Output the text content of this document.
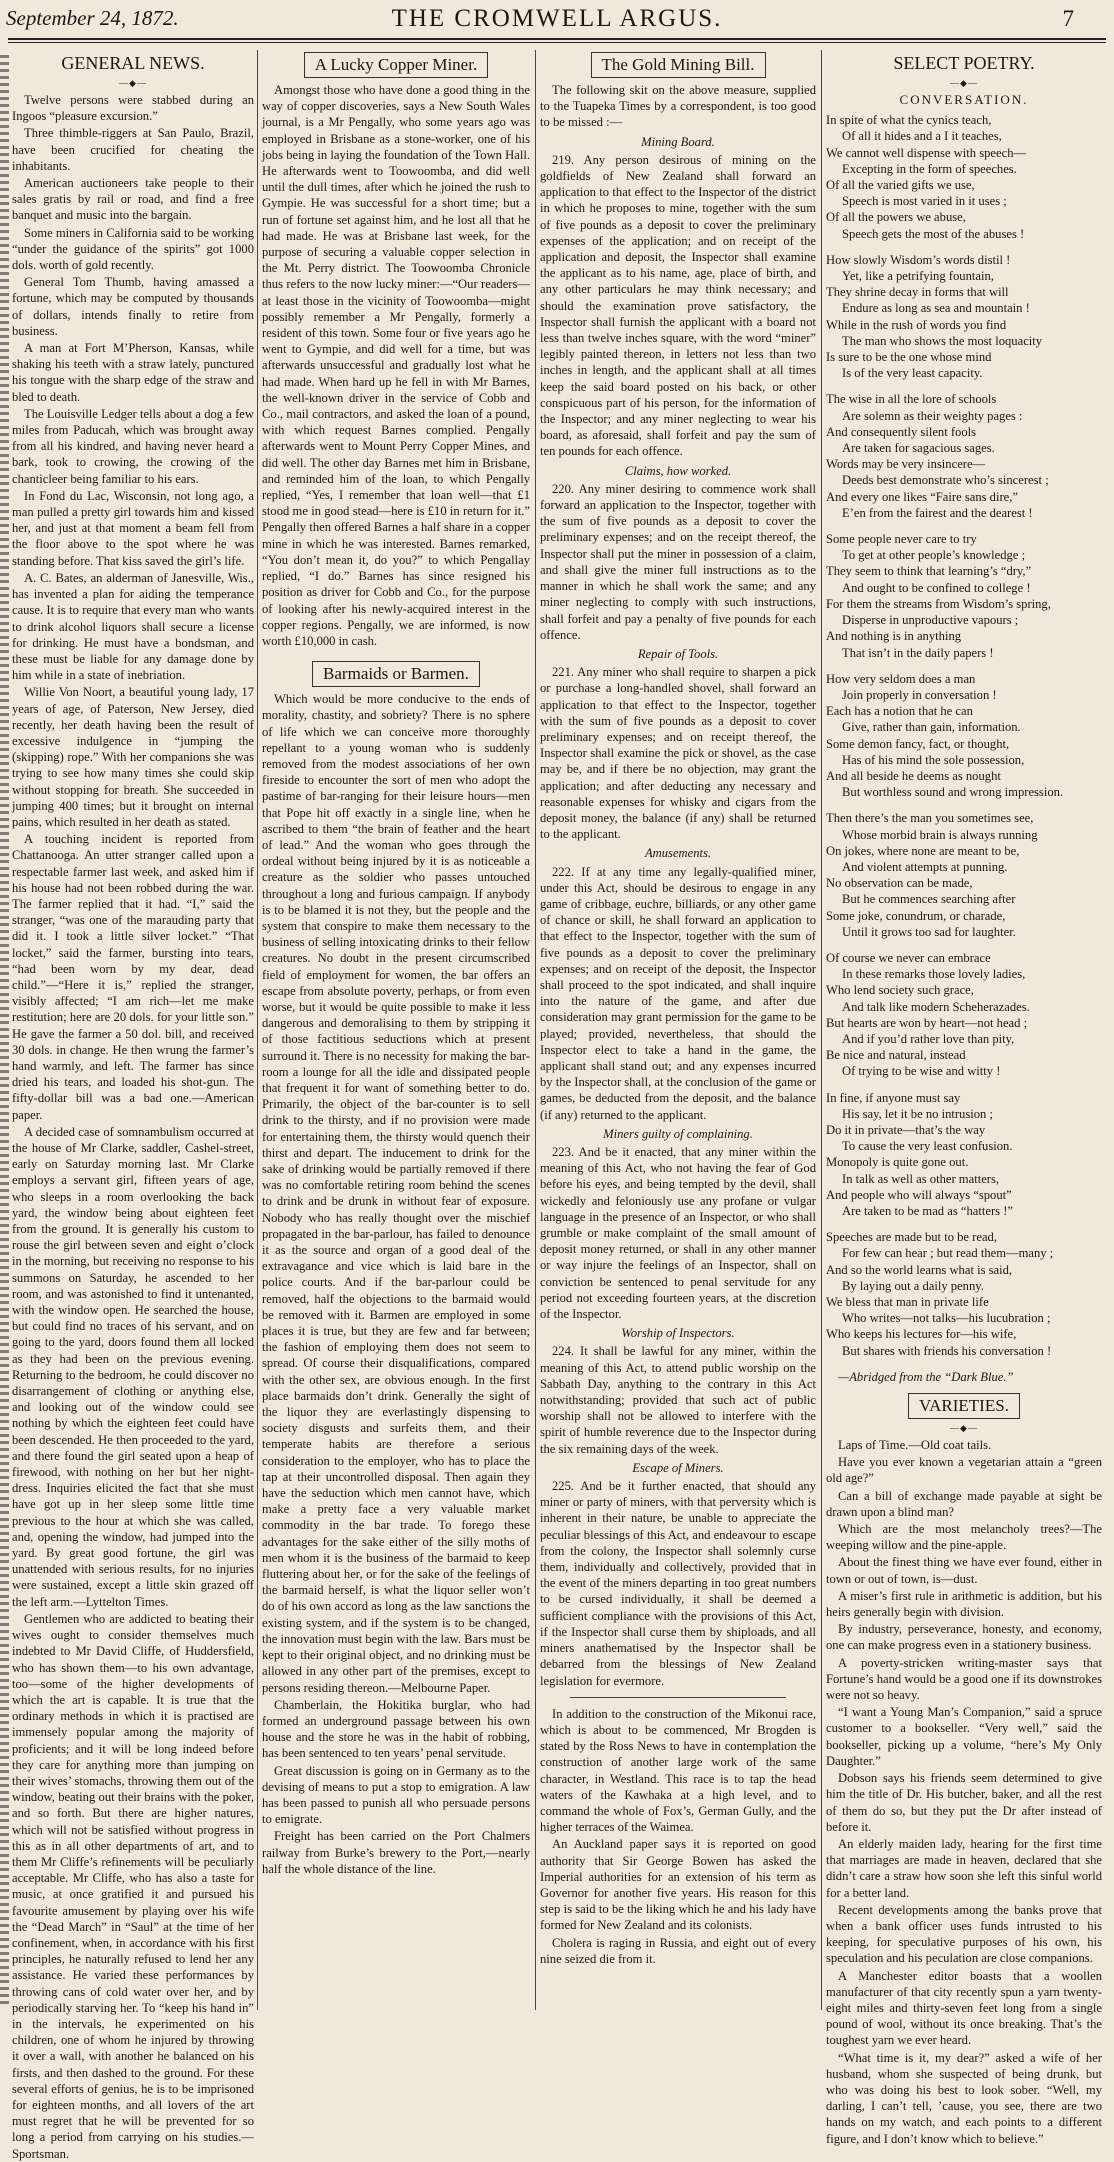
September 24, 1872.	THE CROMWELL ARGUS.	7
GENERAL NEWS.
—◆—

Twelve persons were stabbed during an Ingoos “pleasure excursion.”

Three thimble-riggers at San Paulo, Brazil, have been crucified for cheating the inhabitants.

American auctioneers take people to their sales gratis by rail or road, and find a free banquet and music into the bargain.

Some miners in California said to be working “under the guidance of the spirits” got 1000 dols. worth of gold recently.

General Tom Thumb, having amassed a fortune, which may be computed by thousands of dollars, intends finally to retire from business.

A man at Fort M’Pherson, Kansas, while shaking his teeth with a straw lately, punctured his tongue with the sharp edge of the straw and bled to death.

The Louisville Ledger tells about a dog a few miles from Paducah, which was brought away from all his kindred, and having never heard a bark, took to crowing, the crowing of the chanticleer being familiar to his ears.

In Fond du Lac, Wisconsin, not long ago, a man pulled a pretty girl towards him and kissed her, and just at that moment a beam fell from the floor above to the spot where he was standing before. That kiss saved the girl’s life.

A. C. Bates, an alderman of Janesville, Wis., has invented a plan for aiding the temperance cause. It is to require that every man who wants to drink alcohol liquors shall secure a license for drinking. He must have a bondsman, and these must be liable for any damage done by him while in a state of inebriation.

Willie Von Noort, a beautiful young lady, 17 years of age, of Paterson, New Jersey, died recently, her death having been the result of excessive indulgence in “jumping the (skipping) rope.” With her companions she was trying to see how many times she could skip without stopping for breath. She succeeded in jumping 400 times; but it brought on internal pains, which resulted in her death as stated.

A touching incident is reported from Chattanooga. An utter stranger called upon a respectable farmer last week, and asked him if his house had not been robbed during the war. The farmer replied that it had. “I,” said the stranger, “was one of the marauding party that did it. I took a little silver locket.” “That locket,” said the farmer, bursting into tears, “had been worn by my dear, dead child.”—“Here it is,” replied the stranger, visibly affected; “I am rich—let me make restitution; here are 20 dols. for your little son.” He gave the farmer a 50 dol. bill, and received 30 dols. in change. He then wrung the farmer’s hand warmly, and left. The farmer has since dried his tears, and loaded his shot-gun. The fifty-dollar bill was a bad one.—American paper.

A decided case of somnambulism occurred at the house of Mr Clarke, saddler, Cashel-street, early on Saturday morning last. Mr Clarke employs a servant girl, fifteen years of age, who sleeps in a room overlooking the back yard, the window being about eighteen feet from the ground. It is generally his custom to rouse the girl between seven and eight o’clock in the morning, but receiving no response to his summons on Saturday, he ascended to her room, and was astonished to find it untenanted, with the window open. He searched the house, but could find no traces of his servant, and on going to the yard, doors found them all locked as they had been on the previous evening. Returning to the bedroom, he could discover no disarrangement of clothing or anything else, and looking out of the window could see nothing by which the eighteen feet could have been descended. He then proceeded to the yard, and there found the girl seated upon a heap of firewood, with nothing on her but her night-dress. Inquiries elicited the fact that she must have got up in her sleep some little time previous to the hour at which she was called, and, opening the window, had jumped into the yard. By great good fortune, the girl was unattended with serious results, for no injuries were sustained, except a little skin grazed off the left arm.—Lyttelton Times.

Gentlemen who are addicted to beating their wives ought to consider themselves much indebted to Mr David Cliffe, of Huddersfield, who has shown them—to his own advantage, too—some of the higher developments of which the art is capable. It is true that the ordinary methods in which it is practised are immensely popular among the majority of proficients; and it will be long indeed before they care for anything more than jumping on their wives’ stomachs, throwing them out of the window, beating out their brains with the poker, and so forth. But there are higher natures, which will not be satisfied without progress in this as in all other departments of art, and to them Mr Cliffe’s refinements will be peculiarly acceptable. Mr Cliffe, who has also a taste for music, at once gratified it and pursued his favourite amusement by playing over his wife the “Dead March” in “Saul” at the time of her confinement, when, in accordance with his first principles, he naturally refused to lend her any assistance. He varied these performances by throwing cans of cold water over her, and by periodically starving her. To “keep his hand in” in the intervals, he experimented on his children, one of whom he injured by throwing it over a wall, with another he balanced on his firsts, and then dashed to the ground. For these several efforts of genius, he is to be imprisoned for eighteen months, and all lovers of the art must regret that he will be prevented for so long a period from carrying on his studies.—Sportsman.

A Lucky Copper Miner.

Amongst those who have done a good thing in the way of copper discoveries, says a New South Wales journal, is a Mr Pengally, who some years ago was employed in Brisbane as a stone-worker, one of his jobs being in laying the foundation of the Town Hall. He afterwards went to Toowoomba, and did well until the dull times, after which he joined the rush to Gympie. He was successful for a short time; but a run of fortune set against him, and he lost all that he had made. He was at Brisbane last week, for the purpose of securing a valuable copper selection in the Mt. Perry district. The Toowoomba Chronicle thus refers to the now lucky miner:—“Our readers—at least those in the vicinity of Toowoomba—might possibly remember a Mr Pengally, formerly a resident of this town. Some four or five years ago he went to Gympie, and did well for a time, but was afterwards unsuccessful and gradually lost what he had made. When hard up he fell in with Mr Barnes, the well-known driver in the service of Cobb and Co., mail contractors, and asked the loan of a pound, with which request Barnes complied. Pengally afterwards went to Mount Perry Copper Mines, and did well. The other day Barnes met him in Brisbane, and reminded him of the loan, to which Pengally replied, “Yes, I remember that loan well—that £1 stood me in good stead—here is £10 in return for it.” Pengally then offered Barnes a half share in a copper mine in which he was interested. Barnes remarked, “You don’t mean it, do you?” to which Pengallay replied, “I do.” Barnes has since resigned his position as driver for Cobb and Co., for the purpose of looking after his newly-acquired interest in the copper regions. Pengally, we are informed, is now worth £10,000 in cash.

Barmaids or Barmen.

Which would be more conducive to the ends of morality, chastity, and sobriety? There is no sphere of life which we can conceive more thoroughly repellant to a young woman who is suddenly removed from the modest associations of her own fireside to encounter the sort of men who adopt the pastime of bar-ranging for their leisure hours—men that Pope hit off exactly in a single line, when he ascribed to them “the brain of feather and the heart of lead.” And the woman who goes through the ordeal without being injured by it is as noticeable a creature as the soldier who passes untouched throughout a long and furious campaign. If anybody is to be blamed it is not they, but the people and the system that conspire to make them necessary to the business of selling intoxicating drinks to their fellow creatures. No doubt in the present circumscribed field of employment for women, the bar offers an escape from absolute poverty, perhaps, or from even worse, but it would be quite possible to make it less dangerous and demoralising to them by stripping it of those factitious seductions which at present surround it. There is no necessity for making the bar-room a lounge for all the idle and dissipated people that frequent it for want of something better to do. Primarily, the object of the bar-counter is to sell drink to the thirsty, and if no provision were made for entertaining them, the thirsty would quench their thirst and depart. The inducement to drink for the sake of drinking would be partially removed if there was no comfortable retiring room behind the scenes to drink and be drunk in without fear of exposure. Nobody who has really thought over the mischief propagated in the bar-parlour, has failed to denounce it as the source and organ of a good deal of the extravagance and vice which is laid bare in the police courts. And if the bar-parlour could be removed, half the objections to the barmaid would be removed with it. Barmen are employed in some places it is true, but they are few and far between; the fashion of employing them does not seem to spread. Of course their disqualifications, compared with the other sex, are obvious enough. In the first place barmaids don’t drink. Generally the sight of the liquor they are everlastingly dispensing to society disgusts and surfeits them, and their temperate habits are therefore a serious consideration to the employer, who has to place the tap at their uncontrolled disposal. Then again they have the seduction which men cannot have, which make a pretty face a very valuable market commodity in the bar trade. To forego these advantages for the sake either of the silly moths of men whom it is the business of the barmaid to keep fluttering about her, or for the sake of the feelings of the barmaid herself, is what the liquor seller won’t do of his own accord as long as the law sanctions the existing system, and if the system is to be changed, the innovation must begin with the law. Bars must be kept to their original object, and no drinking must be allowed in any other part of the premises, except to persons residing thereon.—Melbourne Paper.

Chamberlain, the Hokitika burglar, who had formed an underground passage between his own house and the store he was in the habit of robbing, has been sentenced to ten years’ penal servitude.

Great discussion is going on in Germany as to the devising of means to put a stop to emigration. A law has been passed to punish all who persuade persons to emigrate.

Freight has been carried on the Port Chalmers railway from Burke’s brewery to the Port,—nearly half the whole distance of the line.

The Gold Mining Bill.

The following skit on the above measure, supplied to the Tuapeka Times by a correspondent, is too good to be missed :—

Mining Board.

219. Any person desirous of mining on the goldfields of New Zealand shall forward an application to that effect to the Inspector of the district in which he proposes to mine, together with the sum of five pounds as a deposit to cover the preliminary expenses of the application; and on receipt of the application and deposit, the Inspector shall examine the applicant as to his name, age, place of birth, and any other particulars he may think necessary; and should the examination prove satisfactory, the Inspector shall furnish the applicant with a board not less than twelve inches square, with the word “miner” legibly painted thereon, in letters not less than two inches in length, and the applicant shall at all times keep the said board posted on his back, or other conspicuous part of his person, for the information of the Inspector; and any miner neglecting to wear his board, as aforesaid, shall forfeit and pay the sum of ten pounds for each offence.

Claims, how worked.

220. Any miner desiring to commence work shall forward an application to the Inspector, together with the sum of five pounds as a deposit to cover the preliminary expenses; and on the receipt thereof, the Inspector shall put the miner in possession of a claim, and shall give the miner full instructions as to the manner in which he shall work the same; and any miner neglecting to comply with such instructions, shall forfeit and pay a penalty of five pounds for each offence.

Repair of Tools.

221. Any miner who shall require to sharpen a pick or purchase a long-handled shovel, shall forward an application to that effect to the Inspector, together with the sum of five pounds as a deposit to cover preliminary expenses; and on receipt thereof, the Inspector shall examine the pick or shovel, as the case may be, and if there be no objection, may grant the application; and after deducting any necessary and reasonable expenses for whisky and cigars from the deposit money, the balance (if any) shall be returned to the applicant.

Amusements.

222. If at any time any legally-qualified miner, under this Act, should be desirous to engage in any game of cribbage, euchre, billiards, or any other game of chance or skill, he shall forward an application to that effect to the Inspector, together with the sum of five pounds as a deposit to cover the preliminary expenses; and on receipt of the deposit, the Inspector shall proceed to the spot indicated, and shall inquire into the nature of the game, and after due consideration may grant permission for the game to be played; provided, nevertheless, that should the Inspector elect to take a hand in the game, the applicant shall stand out; and any expenses incurred by the Inspector shall, at the conclusion of the game or games, be deducted from the deposit, and the balance (if any) returned to the applicant.

Miners guilty of complaining.

223. And be it enacted, that any miner within the meaning of this Act, who not having the fear of God before his eyes, and being tempted by the devil, shall wickedly and feloniously use any profane or vulgar language in the presence of an Inspector, or who shall grumble or make complaint of the small amount of deposit money returned, or shall in any other manner or way injure the feelings of an Inspector, shall on conviction be sentenced to penal servitude for any period not exceeding fourteen years, at the discretion of the Inspector.

Worship of Inspectors.

224. It shall be lawful for any miner, within the meaning of this Act, to attend public worship on the Sabbath Day, anything to the contrary in this Act notwithstanding; provided that such act of public worship shall not be allowed to interfere with the spirit of humble reverence due to the Inspector during the six remaining days of the week.

Escape of Miners.

225. And be it further enacted, that should any miner or party of miners, with that perversity which is inherent in their nature, be unable to appreciate the peculiar blessings of this Act, and endeavour to escape from the colony, the Inspector shall solemnly curse them, individually and collectively, provided that in the event of the miners departing in too great numbers to be cursed individually, it shall be deemed a sufficient compliance with the provisions of this Act, if the Inspector shall curse them by shiploads, and all miners anathematised by the Inspector shall be debarred from the blessings of New Zealand legislation for evermore.

In addition to the construction of the Mikonui race, which is about to be commenced, Mr Brogden is stated by the Ross News to have in contemplation the construction of another large work of the same character, in Westland. This race is to tap the head waters of the Kawhaka at a high level, and to command the whole of Fox’s, German Gully, and the higher terraces of the Waimea.

An Auckland paper says it is reported on good authority that Sir George Bowen has asked the Imperial authorities for an extension of his term as Governor for another five years. His reason for this step is said to be the liking which he and his lady have formed for New Zealand and its colonists.

Cholera is raging in Russia, and eight out of every nine seized die from it.

SELECT POETRY.
—◆—
CONVERSATION.
In spite of what the cynics teach,
Of all it hides and a I it teaches,
We cannot well dispense with speech—
Excepting in the form of speeches.
Of all the varied gifts we use,
Speech is most varied in it uses ;
Of all the powers we abuse,
Speech gets the most of the abuses !
How slowly Wisdom’s words distil !
Yet, like a petrifying fountain,
They shrine decay in forms that will
Endure as long as sea and mountain !
While in the rush of words you find
The man who shows the most loquacity
Is sure to be the one whose mind
Is of the very least capacity.
The wise in all the lore of schools
Are solemn as their weighty pages :
And consequently silent fools
Are taken for sagacious sages.
Words may be very insincere—
Deeds best demonstrate who’s sincerest ;
And every one likes “Faire sans dire,”
E’en from the fairest and the dearest !
Some people never care to try
To get at other people’s knowledge ;
They seem to think that learning’s “dry,”
And ought to be confined to college !
For them the streams from Wisdom’s spring,
Disperse in unproductive vapours ;
And nothing is in anything
That isn’t in the daily papers !
How very seldom does a man
Join properly in conversation !
Each has a notion that he can
Give, rather than gain, information.
Some demon fancy, fact, or thought,
Has of his mind the sole possession,
And all beside he deems as nought
But worthless sound and wrong impression.
Then there’s the man you sometimes see,
Whose morbid brain is always running
On jokes, where none are meant to be,
And violent attempts at punning.
No observation can be made,
But he commences searching after
Some joke, conundrum, or charade,
Until it grows too sad for laughter.
Of course we never can embrace
In these remarks those lovely ladies,
Who lend society such grace,
And talk like modern Scheherazades.
But hearts are won by heart—not head ;
And if you’d rather love than pity,
Be nice and natural, instead
Of trying to be wise and witty !
In fine, if anyone must say
His say, let it be no intrusion ;
Do it in private—that’s the way
To cause the very least confusion.
Monopoly is quite gone out.
In talk as well as other matters,
And people who will always “spout”
Are taken to be mad as “hatters !”
Speeches are made but to be read,
For few can hear ; but read them—many ;
And so the world learns what is said,
By laying out a daily penny.
We bless that man in private life
Who writes—not talks—his lucubration ;
Who keeps his lectures for—his wife,
But shares with friends his conversation !

—Abridged from the “Dark Blue.”

VARIETIES.
—◆—

Laps of Time.—Old coat tails.

Have you ever known a vegetarian attain a “green old age?”

Can a bill of exchange made payable at sight be drawn upon a blind man?

Which are the most melancholy trees?—The weeping willow and the pine-apple.

About the finest thing we have ever found, either in town or out of town, is—dust.

A miser’s first rule in arithmetic is addition, but his heirs generally begin with division.

By industry, perseverance, honesty, and economy, one can make progress even in a stationery business.

A poverty-stricken writing-master says that Fortune’s hand would be a good one if its downstrokes were not so heavy.

“I want a Young Man’s Companion,” said a spruce customer to a bookseller. “Very well,” said the bookseller, picking up a volume, “here’s My Only Daughter.”

Dobson says his friends seem determined to give him the title of Dr. His butcher, baker, and all the rest of them do so, but they put the Dr after instead of before it.

An elderly maiden lady, hearing for the first time that marriages are made in heaven, declared that she didn’t care a straw how soon she left this sinful world for a better land.

Recent developments among the banks prove that when a bank officer uses funds intrusted to his keeping, for speculative purposes of his own, his speculation and his peculation are close companions.

A Manchester editor boasts that a woollen manufacturer of that city recently spun a yarn twenty-eight miles and thirty-seven feet long from a single pound of wool, without its once breaking. That’s the toughest yarn we ever heard.

“What time is it, my dear?” asked a wife of her husband, whom she suspected of being drunk, but who was doing his best to look sober. “Well, my darling, I can’t tell, ’cause, you see, there are two hands on my watch, and each points to a different figure, and I don’t know which to believe.”
